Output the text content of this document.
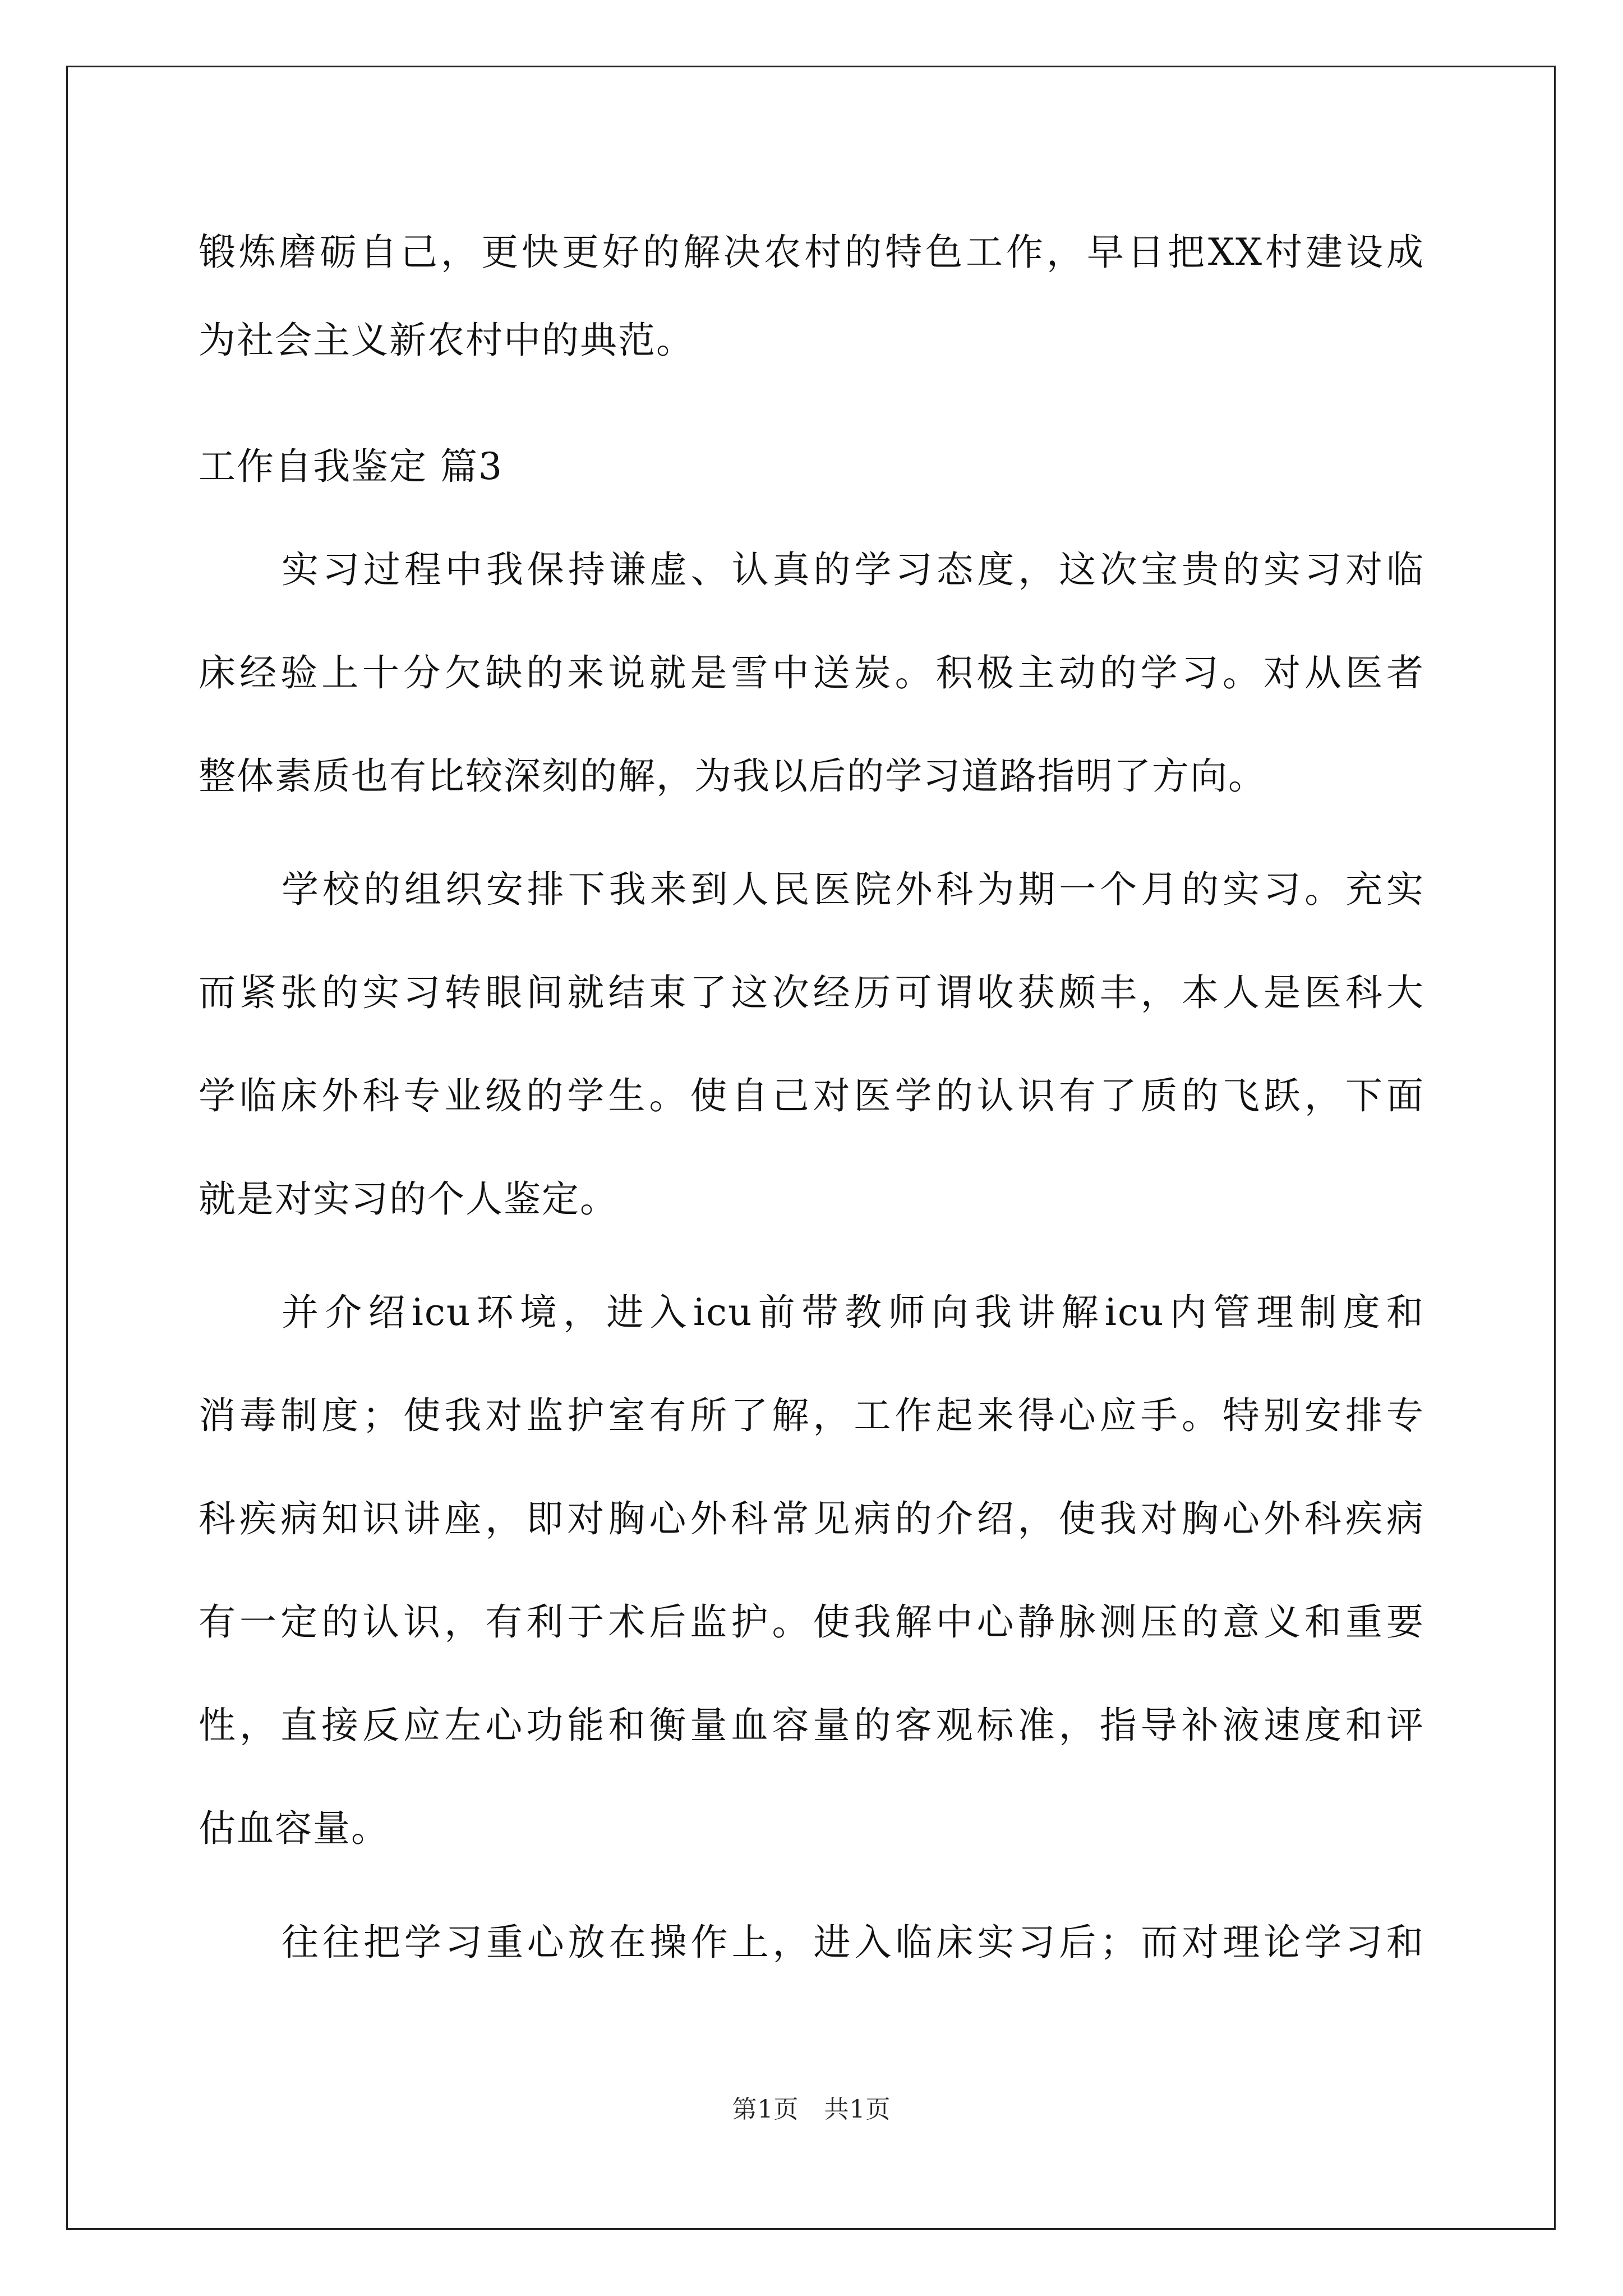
锻炼磨砺自己，更快更好的解决农村的特色工作，早日把XX村建设成
为社会主义新农村中的典范。
工作自我鉴定 篇3
实习过程中我保持谦虚、认真的学习态度，这次宝贵的实习对临
床经验上十分欠缺的来说就是雪中送炭。积极主动的学习。对从医者
整体素质也有比较深刻的解，为我以后的学习道路指明了方向。
学校的组织安排下我来到人民医院外科为期一个月的实习。充实
而紧张的实习转眼间就结束了这次经历可谓收获颇丰，本人是医科大
学临床外科专业级的学生。使自己对医学的认识有了质的飞跃，下面
就是对实习的个人鉴定。
并介绍icu环境，进入icu前带教师向我讲解icu内管理制度和
消毒制度；使我对监护室有所了解，工作起来得心应手。特别安排专
科疾病知识讲座，即对胸心外科常见病的介绍，使我对胸心外科疾病
有一定的认识，有利于术后监护。使我解中心静脉测压的意义和重要
性，直接反应左心功能和衡量血容量的客观标准，指导补液速度和评
估血容量。
往往把学习重心放在操作上，进入临床实习后；而对理论学习和
第1页　共1页
